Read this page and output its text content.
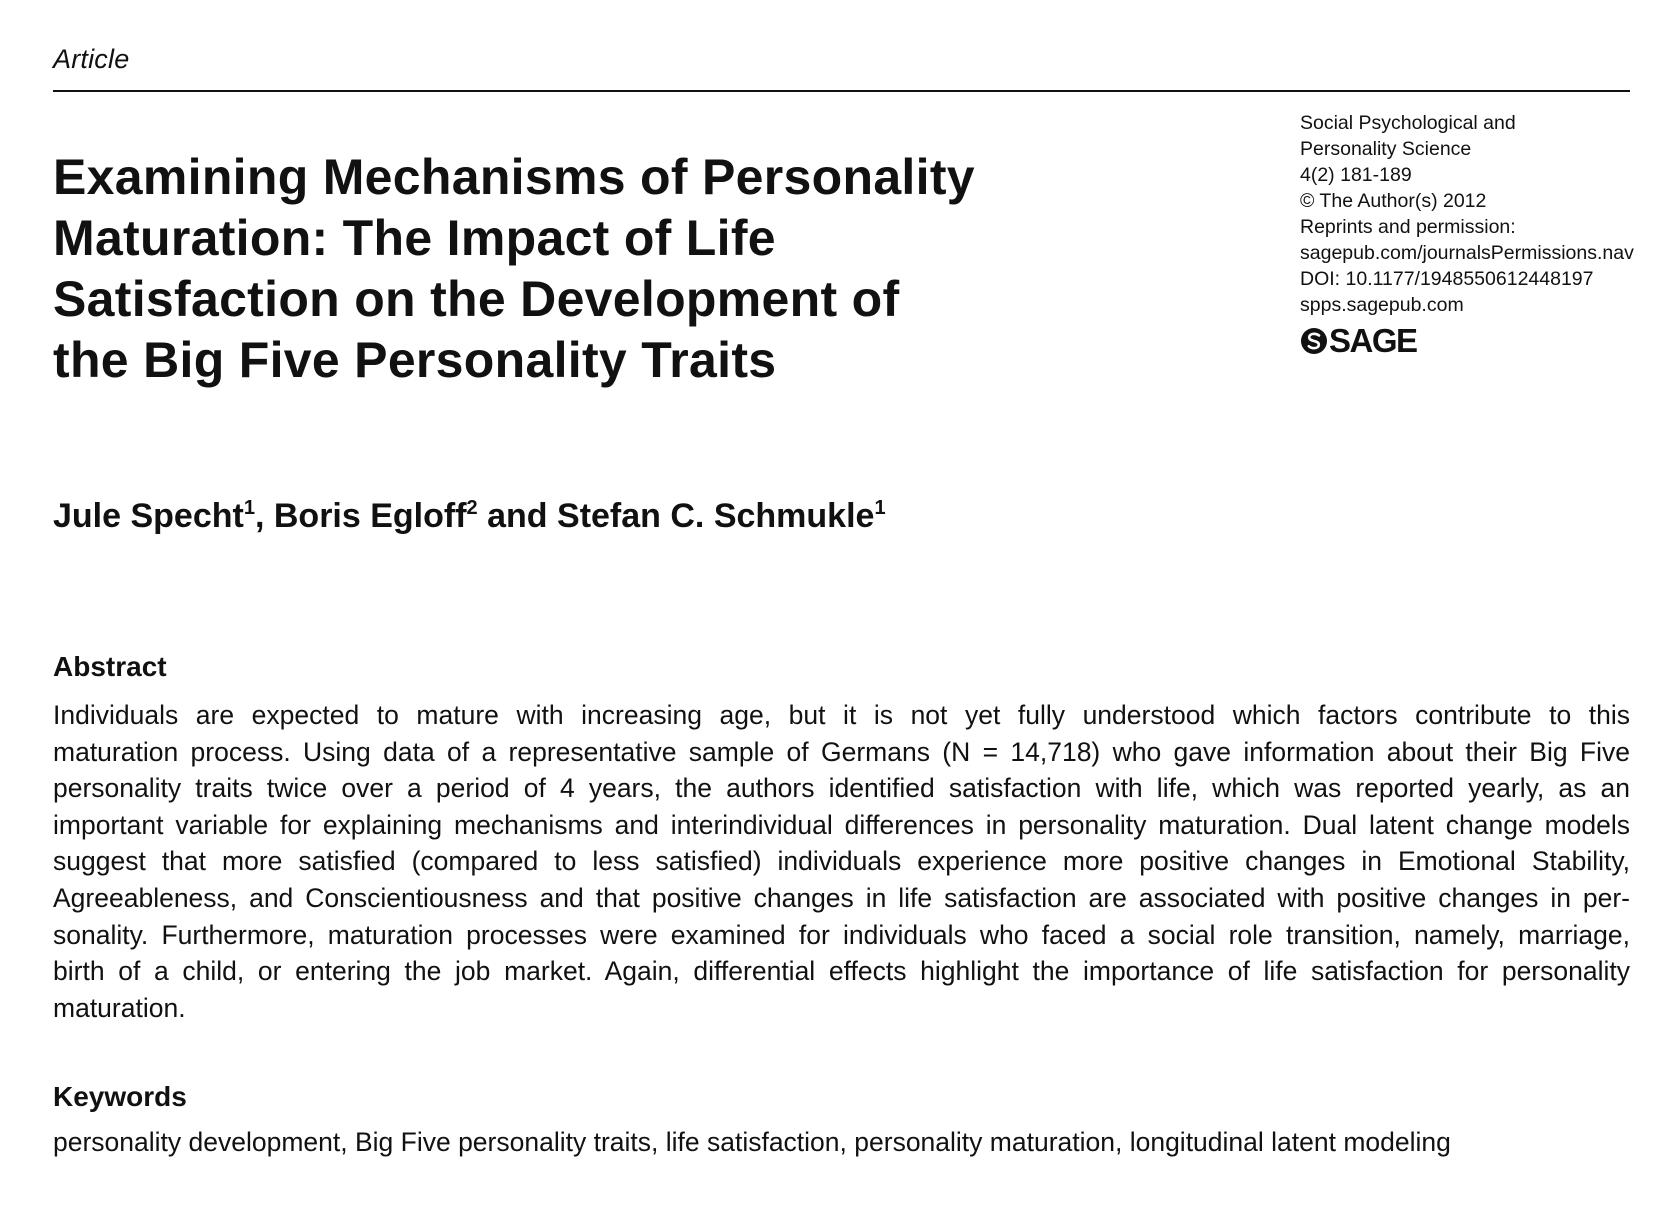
Article
Social Psychological and
Personality Science
4(2) 181-189
© The Author(s) 2012
Reprints and permission:
sagepub.com/journalsPermissions.nav
DOI: 10.1177/1948550612448197
spps.sagepub.com
SAGE
Examining Mechanisms of Personality
Maturation: The Impact of Life
Satisfaction on the Development of
the Big Five Personality Traits
Jule Specht$^1$, Boris Egloff$^2$ and Stefan C. Schmukle$^1$
Abstract
Individuals are expected to mature with increasing age, but it is not yet fully understood which factors contribute to this
maturation process. Using data of a representative sample of Germans (N = 14,718) who gave information about their Big Five
personality traits twice over a period of 4 years, the authors identified satisfaction with life, which was reported yearly, as an
important variable for explaining mechanisms and interindividual differences in personality maturation. Dual latent change models
suggest that more satisfied (compared to less satisfied) individuals experience more positive changes in Emotional Stability,
Agreeableness, and Conscientiousness and that positive changes in life satisfaction are associated with positive changes in per-
sonality. Furthermore, maturation processes were examined for individuals who faced a social role transition, namely, marriage,
birth of a child, or entering the job market. Again, differential effects highlight the importance of life satisfaction for personality
maturation.
Keywords
personality development, Big Five personality traits, life satisfaction, personality maturation, longitudinal latent modeling
